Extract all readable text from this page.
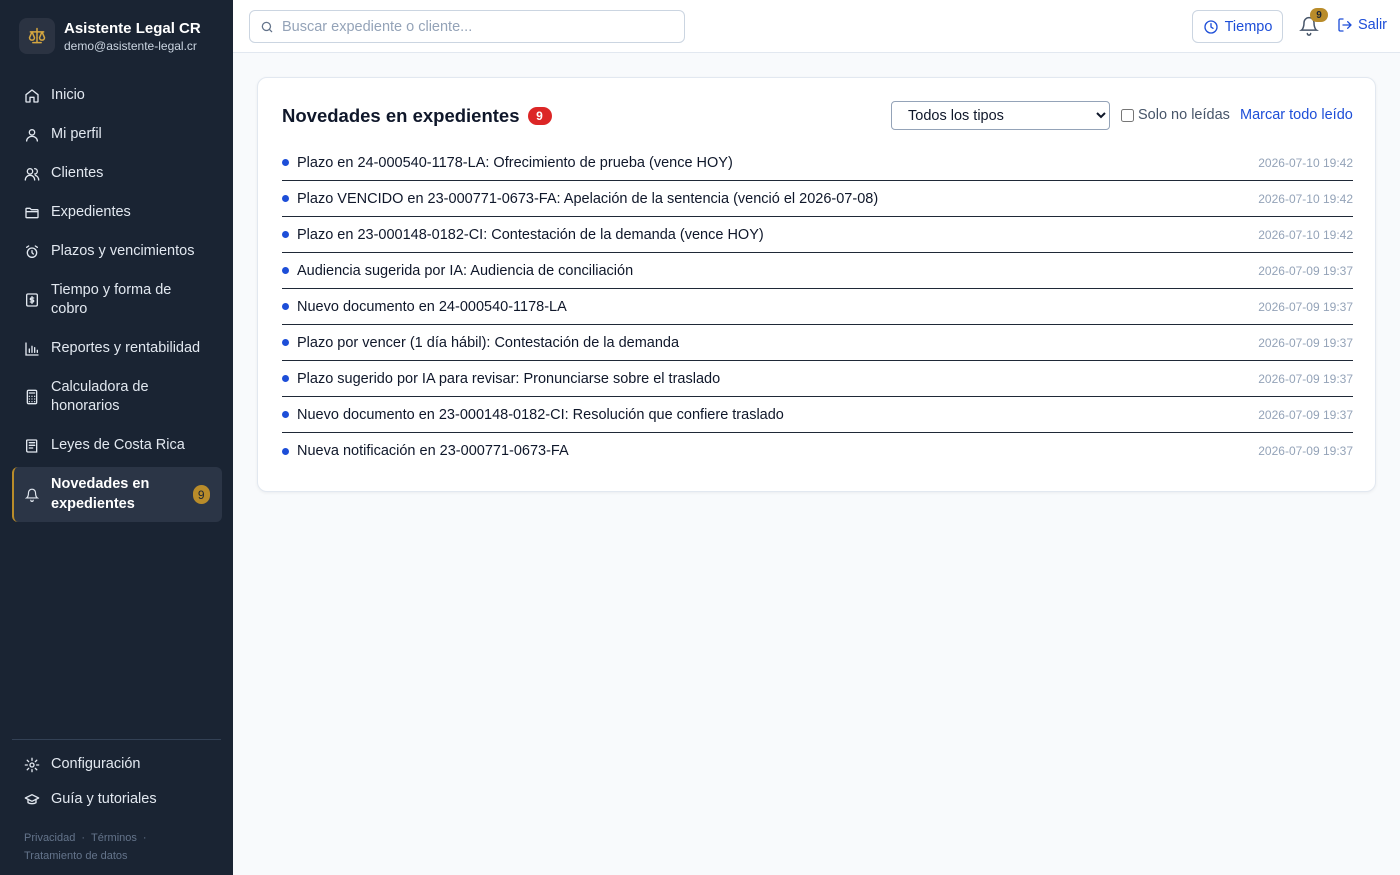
Asistente Legal CR
demo@asistente-legal.cr
Inicio
Mi perfil
Clientes
Expedientes
Plazos y vencimientos
Tiempo y forma de cobro
Reportes y rentabilidad
Calculadora de honorarios
Leyes de Costa Rica
Novedades en expedientes
9
Configuración
Guía y tutoriales
Privacidad · Términos ·
Tratamiento de datos
Buscar expediente o cliente...
Tiempo
9
Salir
Novedades en expedientes	9
Todos los tipos	Solo no leídas Marcar todo leído
Plazo en 24-000540-1178-LA: Ofrecimiento de prueba (vence HOY)	2026-07-10 19:42
Plazo VENCIDO en 23-000771-0673-FA: Apelación de la sentencia (venció el 2026-07-08)	2026-07-10 19:42
Plazo en 23-000148-0182-CI: Contestación de la demanda (vence HOY)	2026-07-10 19:42
Audiencia sugerida por IA: Audiencia de conciliación	2026-07-09 19:37
Nuevo documento en 24-000540-1178-LA	2026-07-09 19:37
Plazo por vencer (1 día hábil): Contestación de la demanda	2026-07-09 19:37
Plazo sugerido por IA para revisar: Pronunciarse sobre el traslado	2026-07-09 19:37
Nuevo documento en 23-000148-0182-CI: Resolución que confiere traslado	2026-07-09 19:37
Nueva notificación en 23-000771-0673-FA	2026-07-09 19:37
